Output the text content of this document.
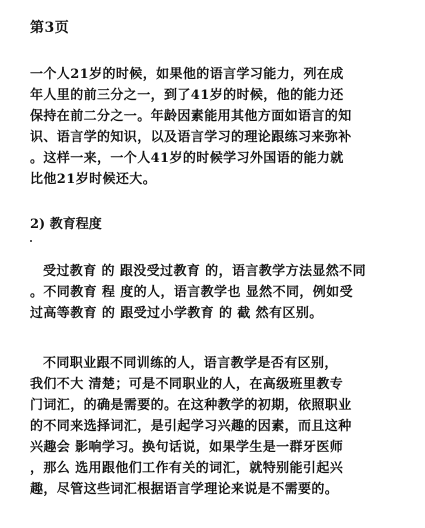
第3页
一个人21岁的时候，如果他的语言学习能力，列在成
年人里的前三分之一，到了41岁的时候，他的能力还
保持在前二分之一。年龄因素能用其他方面如语言的知
识、语言学的知识，以及语言学习的理论跟练习来弥补
。这样一来，一个人41岁的时候学习外国语的能力就
比他21岁时候还大。
2) 教育程度
受过教育 的 跟没受过教育 的，语言教学方法显然不同
。不同教育 程 度的人，语言教学也 显然不同，例如受
过高等教育 的 跟受过小学教育 的 截 然有区别。
不同职业跟不同训练的人，语言教学是否有区别，
我们不大 清楚；可是不同职业的人，在高级班里教专
门词汇，的确是需要的。在这种教学的初期，依照职业
的不同来选择词汇，是引起学习兴趣的因素，而且这种
兴趣会 影响学习。换句话说，如果学生是一群牙医师
，那么 选用跟他们工作有关的词汇，就特别能引起兴
趣，尽管这些词汇根据语言学理论来说是不需要的。
